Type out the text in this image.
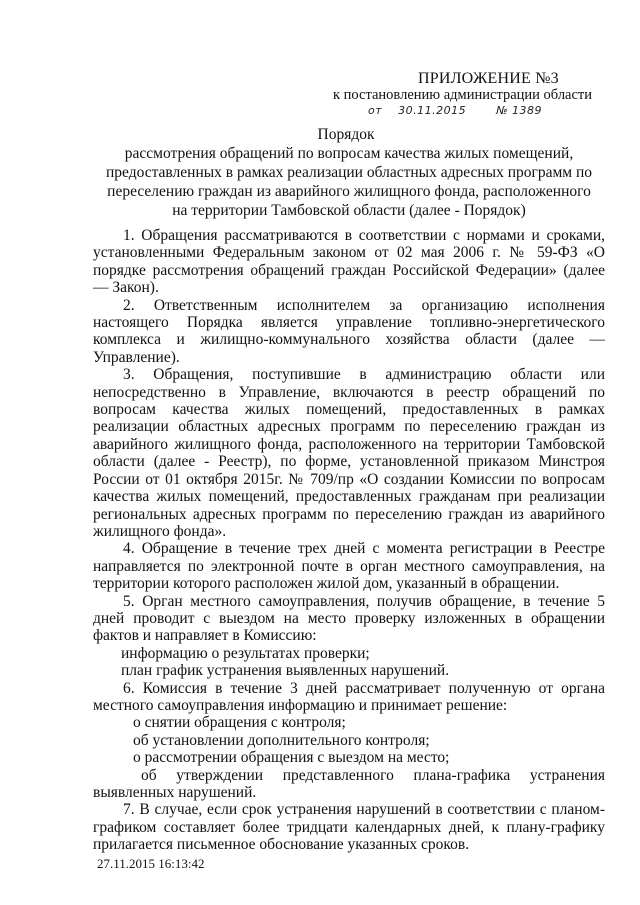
ПРИЛОЖЕНИЕ №3
к постановлению администрации области
от 30.11.2015	№ 1389
Порядок
рассмотрения обращений по вопросам качества жилых помещений, предоставленных в рамках реализации областных адресных программ по переселению граждан из аварийного жилищного фонда, расположенного на территории Тамбовской области (далее - Порядок)

1. Обращения рассматриваются в соответствии с нормами и сроками, установленными Федеральным законом от 02 мая 2006 г. № 59-ФЗ «О порядке рассмотрения обращений граждан Российской Федерации» (далее — Закон).

2. Ответственным исполнителем за организацию исполнения настоящего Порядка является управление топливно-энергетического комплекса и жилищно-коммунального хозяйства области (далее — Управление).

3. Обращения, поступившие в администрацию области или непосредственно в Управление, включаются в реестр обращений по вопросам качества жилых помещений, предоставленных в рамках реализации областных адресных программ по переселению граждан из аварийного жилищного фонда, расположенного на территории Тамбовской области (далее - Реестр), по форме, установленной приказом Минстроя России от 01 октября 2015г. № 709/пр «О создании Комиссии по вопросам качества жилых помещений, предоставленных гражданам при реализации региональных адресных программ по переселению граждан из аварийного жилищного фонда».

4. Обращение в течение трех дней с момента регистрации в Реестре направляется по электронной почте в орган местного самоуправления, на территории которого расположен жилой дом, указанный в обращении.

5. Орган местного самоуправления, получив обращение, в течение 5 дней проводит с выездом на место проверку изложенных в обращении фактов и направляет в Комиссию:

информацию о результатах проверки;

план график устранения выявленных нарушений.

6. Комиссия в течение 3 дней рассматривает полученную от органа местного самоуправления информацию и принимает решение:

о снятии обращения с контроля;

об установлении дополнительного контроля;

о рассмотрении обращения с выездом на место;

об утверждении представленного плана-графика устранения выявленных нарушений.

7. В случае, если срок устранения нарушений в соответствии с планом-графиком составляет более тридцати календарных дней, к плану-графику прилагается письменное обоснование указанных сроков.

27.11.2015 16:13:42
